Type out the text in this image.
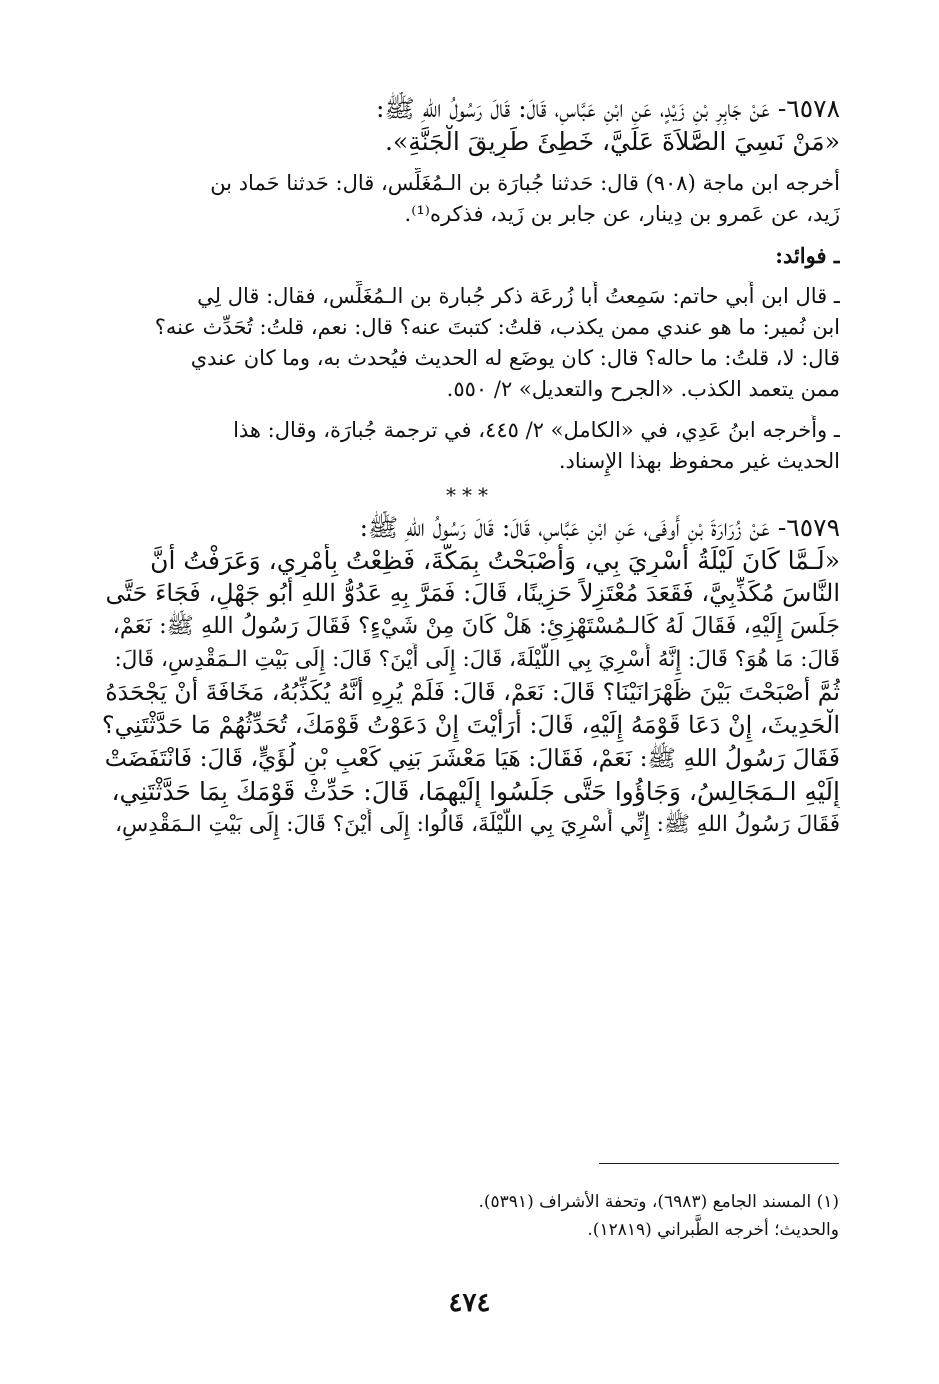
٦٥٧٨- عَنْ جَابِرِ بْنِ زَيْدٍ، عَنِ ابْنِ عَبَّاسٍ، قَالَ: قَالَ رَسُولُ اللهِ ﷺ:

«مَنْ نَسِيَ الصَّلاَةَ عَلَيَّ، خَطِئَ طَرِيقَ الْجَنَّةِ».

أخرجه ابن ماجة (٩٠٨) قال: حَدثنا جُبارَة بن الـمُغَلِّس، قال: حَدثنا حَماد بن

زَيد، عن عَمرو بن دِينار، عن جابر بن زَيد، فذكره⁽¹⁾.

ـ فوائد:

ـ قال ابن أَبي حاتم: سَمِعتُ أَبا زُرعَة ذكر جُبارة بن الـمُغَلِّس، فقال: قال لِي

ابن نُمير: ما هو عندي ممن يكذب، قلتُ: كتبتَ عنه؟ قال: نعم، قلتُ: تُحَدِّث عنه؟

قال: لا، قلتُ: ما حاله؟ قال: كان يوضَع له الحديث فيُحدث به، وما كان عندي

ممن يتعمد الكذب. «الجرح والتعديل» ٢/ ٥٥٠.

ـ وأَخرجه ابنُ عَدِي، في «الكامل» ٢/ ٤٤٥، في ترجمة جُبارَة، وقال: هذا

الحديث غير محفوظ بهذا الإِسناد.

***

٦٥٧٩- عَنْ زُرَارَةَ بْنِ أَوفَى، عَنِ ابْنِ عَبَّاسٍ، قَالَ: قَالَ رَسُولُ اللهِ ﷺ:

«لَـمَّا كَانَ لَيْلَةُ أُسْرِيَ بِي، وَأَصْبَحْتُ بِمَكَّةَ، فَظِعْتُ بِأَمْرِي، وَعَرَفْتُ أَنَّ

النَّاسَ مُكَذِّبِيَّ، فَقَعَدَ مُعْتَزِلاً حَزِينًا، قَالَ: فَمَرَّ بِهِ عَدُوُّ اللهِ أَبُو جَهْلٍ، فَجَاءَ حَتَّى

جَلَسَ إِلَيْهِ، فَقَالَ لَهُ كَالـمُسْتَهْزِئِ: هَلْ كَانَ مِنْ شَيْءٍ؟ فَقَالَ رَسُولُ اللهِ ﷺ: نَعَمْ،

قَالَ: مَا هُوَ؟ قَالَ: إِنَّهُ أُسْرِيَ بِي اللَّيْلَةَ، قَالَ: إِلَى أَيْنَ؟ قَالَ: إِلَى بَيْتِ الـمَقْدِسِ، قَالَ:

ثُمَّ أَصْبَحْتَ بَيْنَ ظَهْرَانَيْنَا؟ قَالَ: نَعَمْ، قَالَ: فَلَمْ يُرِهِ أَنَّهُ يُكَذِّبُهُ، مَخَافَةَ أَنْ يَجْحَدَهُ

الْحَدِيثَ، إِنْ دَعَا قَوْمَهُ إِلَيْهِ، قَالَ: أَرَأَيْتَ إِنْ دَعَوْتُ قَوْمَكَ، تُحَدِّثُهُمْ مَا حَدَّثْتَنِي؟

فَقَالَ رَسُولُ اللهِ ﷺ: نَعَمْ، فَقَالَ: هَيَا مَعْشَرَ بَنِي كَعْبِ بْنِ لُؤَيٍّ، قَالَ: فَانْتَفَضَتْ

إِلَيْهِ الـمَجَالِسُ، وَجَاؤُوا حَتَّى جَلَسُوا إِلَيْهِمَا، قَالَ: حَدِّثْ قَوْمَكَ بِمَا حَدَّثْتَنِي،

فَقَالَ رَسُولُ اللهِ ﷺ: إِنِّي أُسْرِيَ بِي اللَّيْلَةَ، قَالُوا: إِلَى أَيْنَ؟ قَالَ: إِلَى بَيْتِ الـمَقْدِسِ،

(١) المسند الجامع (٦٩٨٣)، وتحفة الأشراف (٥٣٩١).

والحديث؛ أخرجه الطَّبراني (١٢٨١٩).

٤٧٤
